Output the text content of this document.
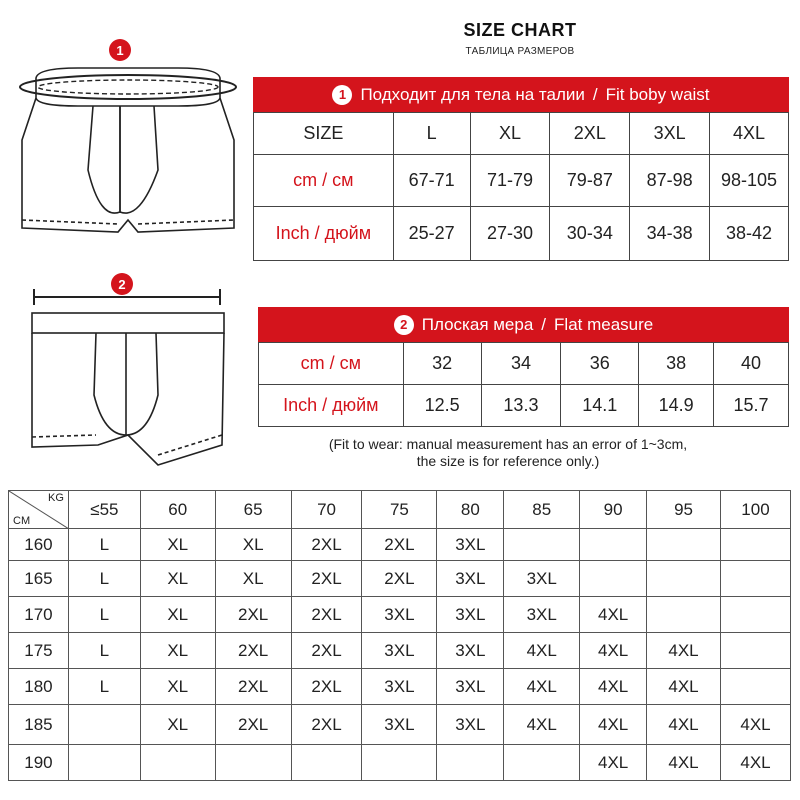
SIZE CHART
ТАБЛИЦА РАЗМЕРОВ
1
1 Подходит для тела на талии / Fit boby waist
SIZE	L	XL	2XL	3XL	4XL
cm / см	67-71	71-79	79-87	87-98	98-105
Inch / дюйм	25-27	27-30	30-34	34-38	38-42
2
2 Плоская мера / Flat measure
cm / см	32	34	36	38	40
Inch / дюйм	12.5	13.3	14.1	14.9	15.7
(Fit to wear: manual measurement has an error of 1~3cm,
the size is for reference only.)
KG
CM	≤55	60	65	70	75	80	85	90	95	100
160	L	XL	XL	2XL	2XL	3XL				
165	L	XL	XL	2XL	2XL	3XL	3XL			
170	L	XL	2XL	2XL	3XL	3XL	3XL	4XL		
175	L	XL	2XL	2XL	3XL	3XL	4XL	4XL	4XL	
180	L	XL	2XL	2XL	3XL	3XL	4XL	4XL	4XL	
185		XL	2XL	2XL	3XL	3XL	4XL	4XL	4XL	4XL
190								4XL	4XL	4XL
